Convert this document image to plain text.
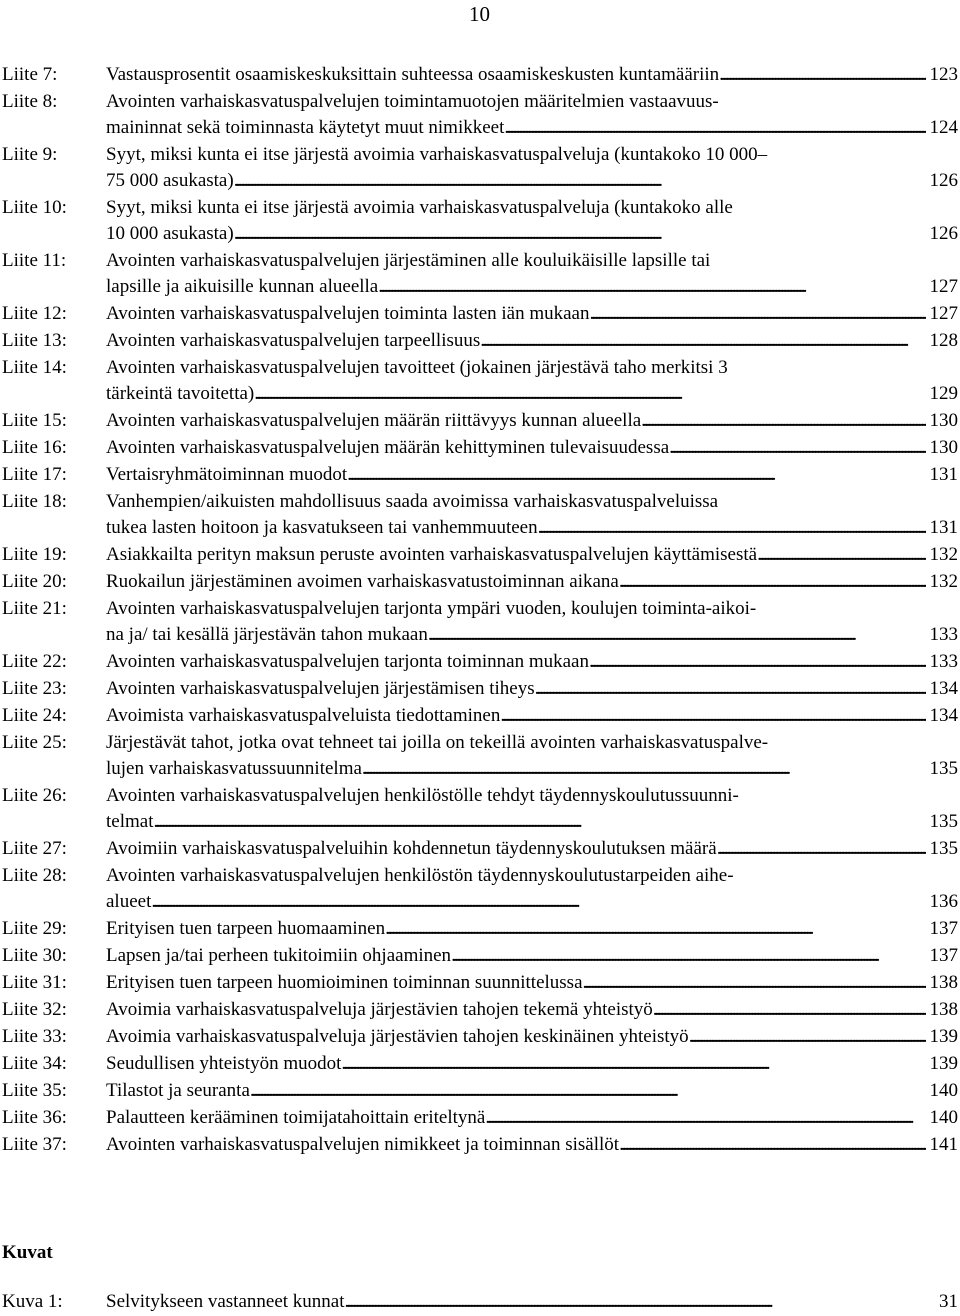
10
Liite 7:	Vastausprosentit osaamiskeskuksittain suhteessa osaamiskeskusten kuntamääriin . . .	123
Liite 8:	Avointen varhaiskasvatuspalvelujen toimintamuotojen määritelmien vastaavuus-
maininnat sekä toiminnasta käytetyt muut nimikkeet . . .	124
Liite 9:	Syyt, miksi kunta ei itse järjestä avoimia varhaiskasvatuspalveluja (kuntakoko 10 000–
75 000 asukasta) . . .	126
Liite 10:	Syyt, miksi kunta ei itse järjestä avoimia varhaiskasvatuspalveluja (kuntakoko alle
10 000 asukasta) . . .	126
Liite 11:	Avointen varhaiskasvatuspalvelujen järjestäminen alle kouluikäisille lapsille tai
lapsille ja aikuisille kunnan alueella . . .	127
Liite 12:	Avointen varhaiskasvatuspalvelujen toiminta lasten iän mukaan . . .	127
Liite 13:	Avointen varhaiskasvatuspalvelujen tarpeellisuus . . .	128
Liite 14:	Avointen varhaiskasvatuspalvelujen tavoitteet (jokainen järjestävä taho merkitsi 3
tärkeintä tavoitetta) . . .	129
Liite 15:	Avointen varhaiskasvatuspalvelujen määrän riittävyys kunnan alueella . . .	130
Liite 16:	Avointen varhaiskasvatuspalvelujen määrän kehittyminen tulevaisuudessa . . .	130
Liite 17:	Vertaisryhmätoiminnan muodot . . .	131
Liite 18:	Vanhempien/aikuisten mahdollisuus saada avoimissa varhaiskasvatuspalveluissa
tukea lasten hoitoon ja kasvatukseen tai vanhemmuuteen . . .	131
Liite 19:	Asiakkailta perityn maksun peruste avointen varhaiskasvatuspalvelujen käyttämisestä . . .	132
Liite 20:	Ruokailun järjestäminen avoimen varhaiskasvatustoiminnan aikana . . .	132
Liite 21:	Avointen varhaiskasvatuspalvelujen tarjonta ympäri vuoden, koulujen toiminta-aikoi-
na ja/ tai kesällä järjestävän tahon mukaan . . .	133
Liite 22:	Avointen varhaiskasvatuspalvelujen tarjonta toiminnan mukaan . . .	133
Liite 23:	Avointen varhaiskasvatuspalvelujen järjestämisen tiheys . . .	134
Liite 24:	Avoimista varhaiskasvatuspalveluista tiedottaminen . . .	134
Liite 25:	Järjestävät tahot, jotka ovat tehneet tai joilla on tekeillä avointen varhaiskasvatuspalve-
lujen varhaiskasvatussuunnitelma . . .	135
Liite 26:	Avointen varhaiskasvatuspalvelujen henkilöstölle tehdyt täydennyskoulutussuunni-
telmat . . .	135
Liite 27:	Avoimiin varhaiskasvatuspalveluihin kohdennetun täydennyskoulutuksen määrä . . .	135
Liite 28:	Avointen varhaiskasvatuspalvelujen henkilöstön täydennyskoulutustarpeiden aihe-
alueet . . .	136
Liite 29:	Erityisen tuen tarpeen huomaaminen . . .	137
Liite 30:	Lapsen ja/tai perheen tukitoimiin ohjaaminen . . .	137
Liite 31:	Erityisen tuen tarpeen huomioiminen toiminnan suunnittelussa . . .	138
Liite 32:	Avoimia varhaiskasvatuspalveluja järjestävien tahojen tekemä yhteistyö . . .	138
Liite 33:	Avoimia varhaiskasvatuspalveluja järjestävien tahojen keskinäinen yhteistyö . . .	139
Liite 34:	Seudullisen yhteistyön muodot . . .	139
Liite 35:	Tilastot ja seuranta . . .	140
Liite 36:	Palautteen kerääminen toimijatahoittain eriteltynä . . .	140
Liite 37:	Avointen varhaiskasvatuspalvelujen nimikkeet ja toiminnan sisällöt . . .	141
Kuvat
Kuva 1:	Selvitykseen vastanneet kunnat . . .	31
